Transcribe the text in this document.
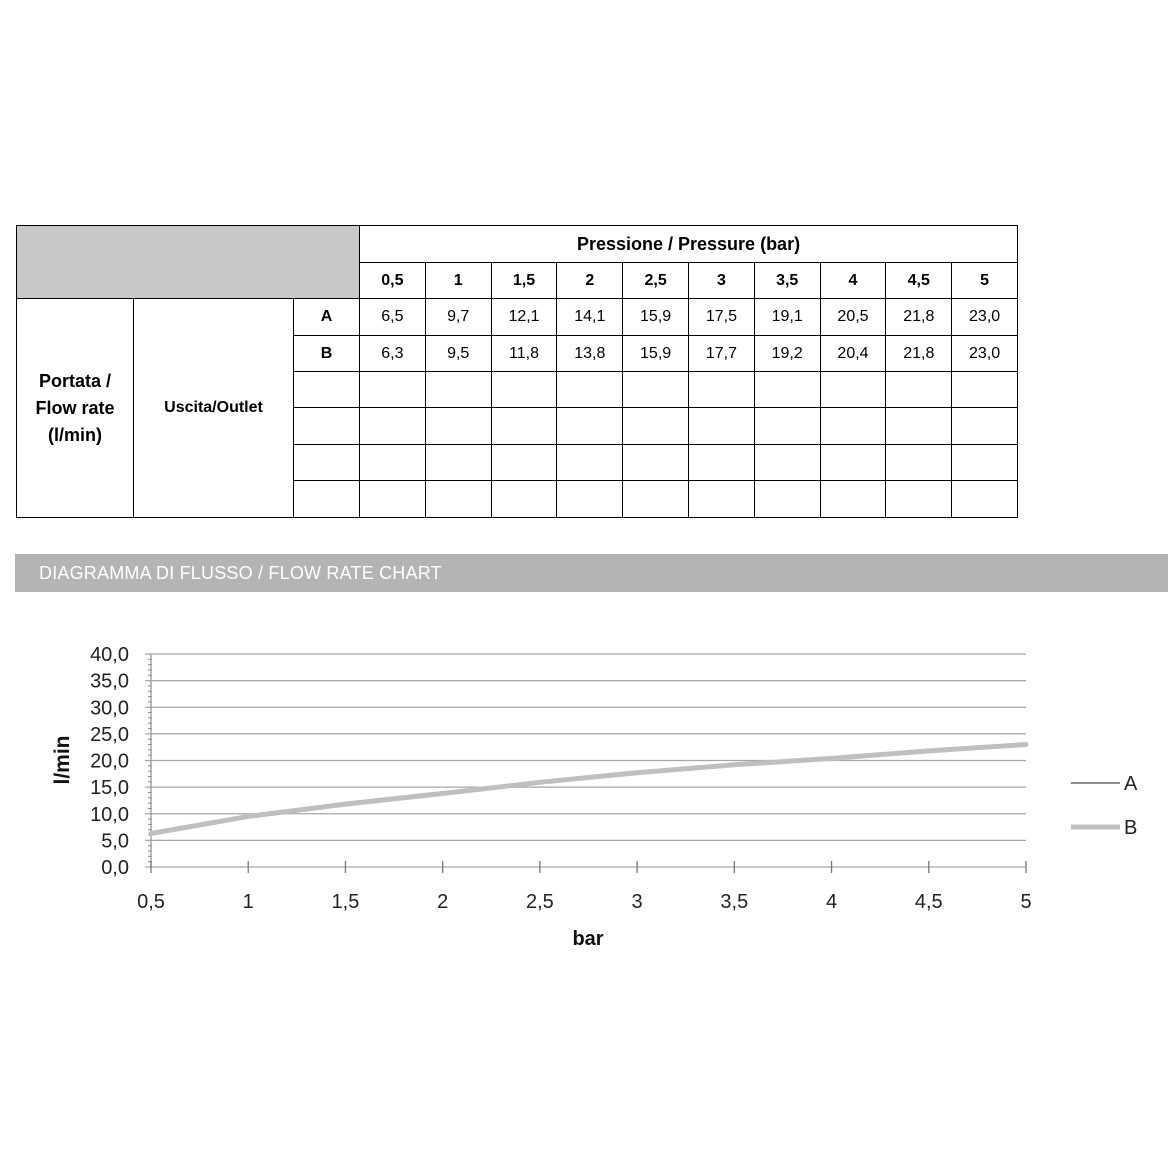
			Pressione / Pressure (bar)									
			0,5	1	1,5	2	2,5	3	3,5	4	4,5	5

Portata /
Flow rate
(l/min)	Uscita/Outlet	A	6,5	9,7	12,1	14,1	15,9	17,5	19,1	20,5	21,8	23,0
		B	6,3	9,5	11,8	13,8	15,9	17,7	19,2	20,4	21,8	23,0

DIAGRAMMA DI FLUSSO / FLOW RATE CHART
0,0
5,0
10,0
15,0
20,0
25,0
30,0
35,0
40,0
0,5	1	1,5	2	2,5	3	3,5	4	4,5	5
bar
l/min	A
B
